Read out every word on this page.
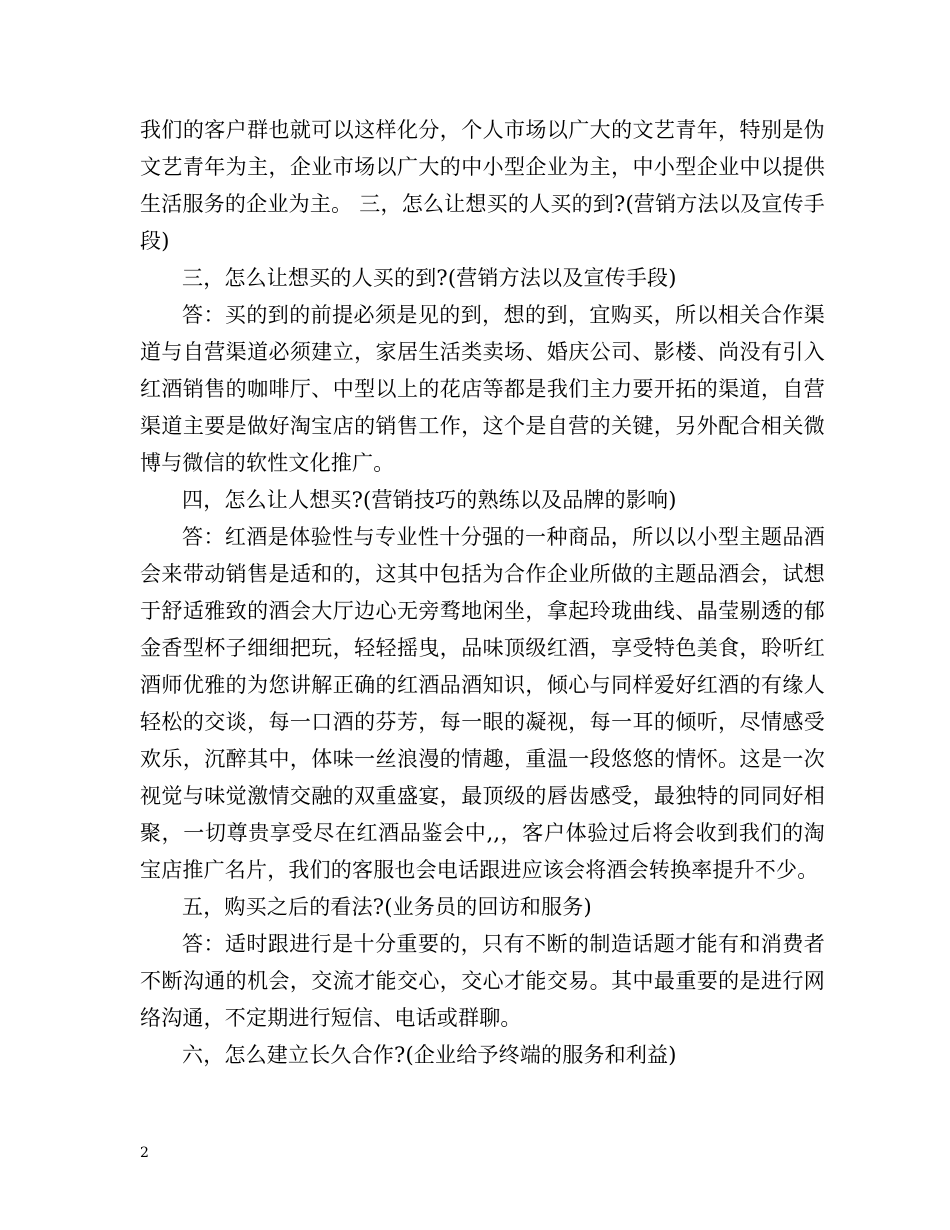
我们的客户群也就可以这样化分，个人市场以广大的文艺青年，特别是伪文艺青年为主，企业市场以广大的中小型企业为主，中小型企业中以提供生活服务的企业为主。 三，怎么让想买的人买的到?(营销方法以及宣传手段)

三，怎么让想买的人买的到?(营销方法以及宣传手段)

答：买的到的前提必须是见的到，想的到，宜购买，所以相关合作渠道与自营渠道必须建立，家居生活类卖场、婚庆公司、影楼、尚没有引入红酒销售的咖啡厅、中型以上的花店等都是我们主力要开拓的渠道，自营渠道主要是做好淘宝店的销售工作，这个是自营的关键，另外配合相关微博与微信的软性文化推广。

四，怎么让人想买?(营销技巧的熟练以及品牌的影响)

答：红酒是体验性与专业性十分强的一种商品，所以以小型主题品酒会来带动销售是适和的，这其中包括为合作企业所做的主题品酒会，试想于舒适雅致的酒会大厅边心无旁骛地闲坐，拿起玲珑曲线、晶莹剔透的郁金香型杯子细细把玩，轻轻摇曳，品味顶级红酒，享受特色美食，聆听红酒师优雅的为您讲解正确的红酒品酒知识，倾心与同样爱好红酒的有缘人轻松的交谈，每一口酒的芬芳，每一眼的凝视，每一耳的倾听，尽情感受欢乐，沉醉其中，体味一丝浪漫的情趣，重温一段悠悠的情怀。这是一次视觉与味觉激情交融的双重盛宴，最顶级的唇齿感受，最独特的同同好相聚，一切尊贵享受尽在红酒品鉴会中,,，客户体验过后将会收到我们的淘宝店推广名片，我们的客服也会电话跟进应该会将酒会转换率提升不少。

五，购买之后的看法?(业务员的回访和服务)

答：适时跟进行是十分重要的，只有不断的制造话题才能有和消费者不断沟通的机会，交流才能交心，交心才能交易。其中最重要的是进行网络沟通，不定期进行短信、电话或群聊。

六，怎么建立长久合作?(企业给予终端的服务和利益)

2
